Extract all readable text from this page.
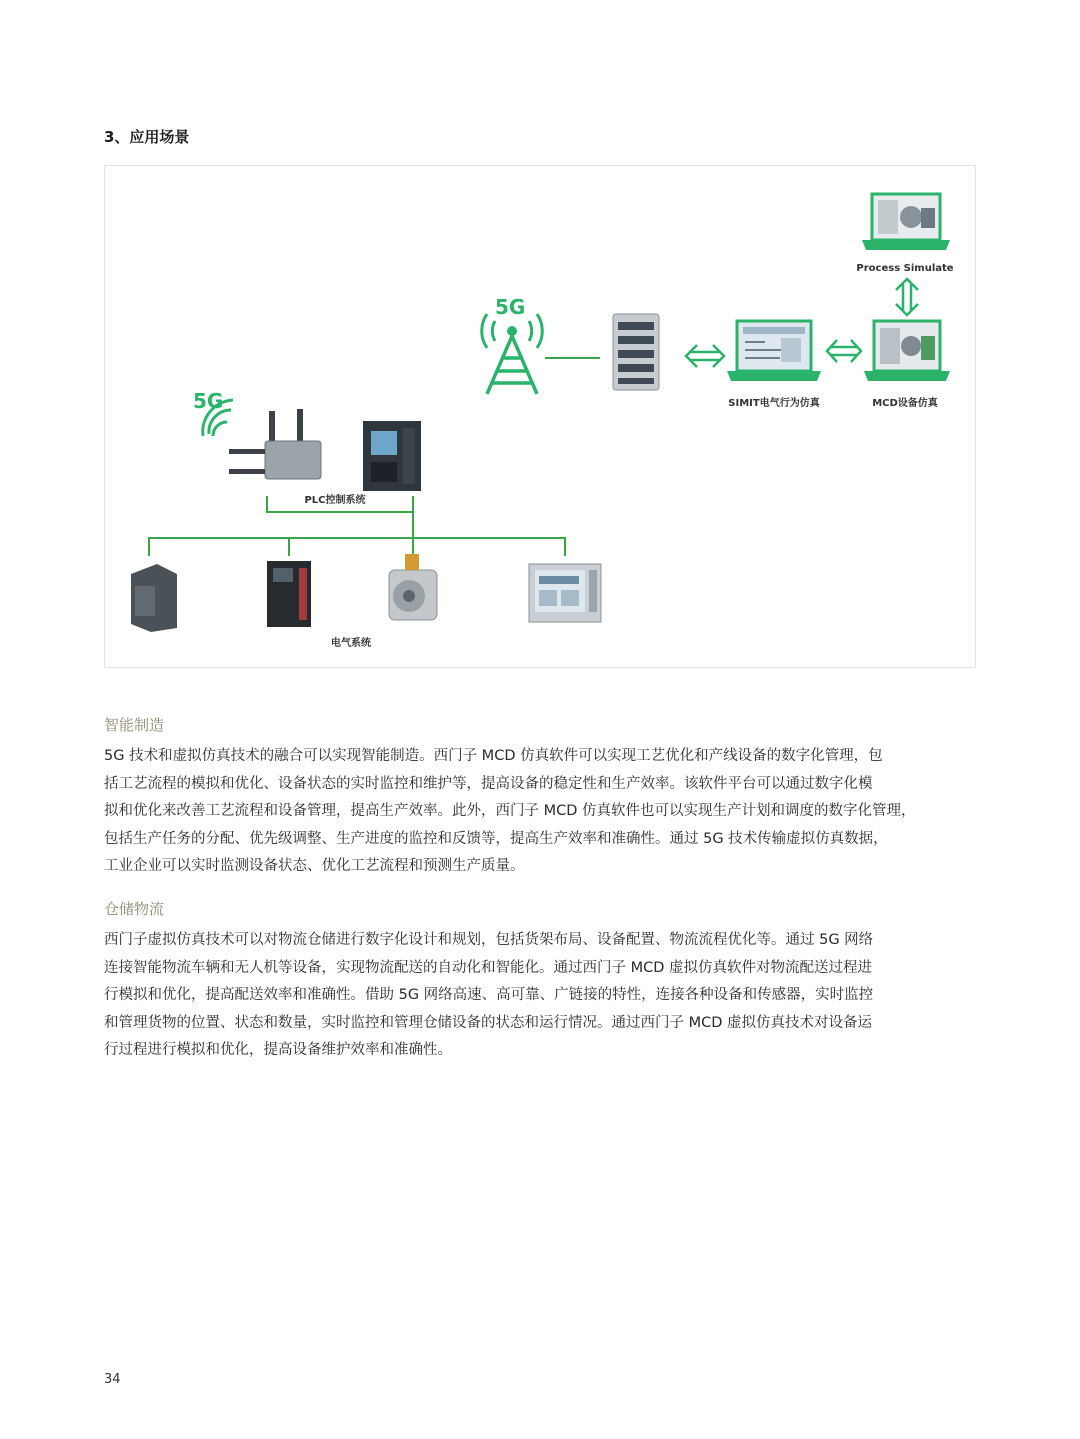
3、应用场景
5G
SIMIT电气行为仿真	MCD设备仿真
Process Simulate
5G
PLC控制系统
电气系统
智能制造
5G 技术和虚拟仿真技术的融合可以实现智能制造。西门子 MCD 仿真软件可以实现工艺优化和产线设备的数字化管理，包
括工艺流程的模拟和优化、设备状态的实时监控和维护等，提高设备的稳定性和生产效率。该软件平台可以通过数字化模
拟和优化来改善工艺流程和设备管理，提高生产效率。此外，西门子 MCD 仿真软件也可以实现生产计划和调度的数字化管理，
包括生产任务的分配、优先级调整、生产进度的监控和反馈等，提高生产效率和准确性。通过 5G 技术传输虚拟仿真数据，
工业企业可以实时监测设备状态、优化工艺流程和预测生产质量。
仓储物流
西门子虚拟仿真技术可以对物流仓储进行数字化设计和规划，包括货架布局、设备配置、物流流程优化等。通过 5G 网络
连接智能物流车辆和无人机等设备，实现物流配送的自动化和智能化。通过西门子 MCD 虚拟仿真软件对物流配送过程进
行模拟和优化，提高配送效率和准确性。借助 5G 网络高速、高可靠、广链接的特性，连接各种设备和传感器，实时监控
和管理货物的位置、状态和数量，实时监控和管理仓储设备的状态和运行情况。通过西门子 MCD 虚拟仿真技术对设备运
行过程进行模拟和优化，提高设备维护效率和准确性。
34
